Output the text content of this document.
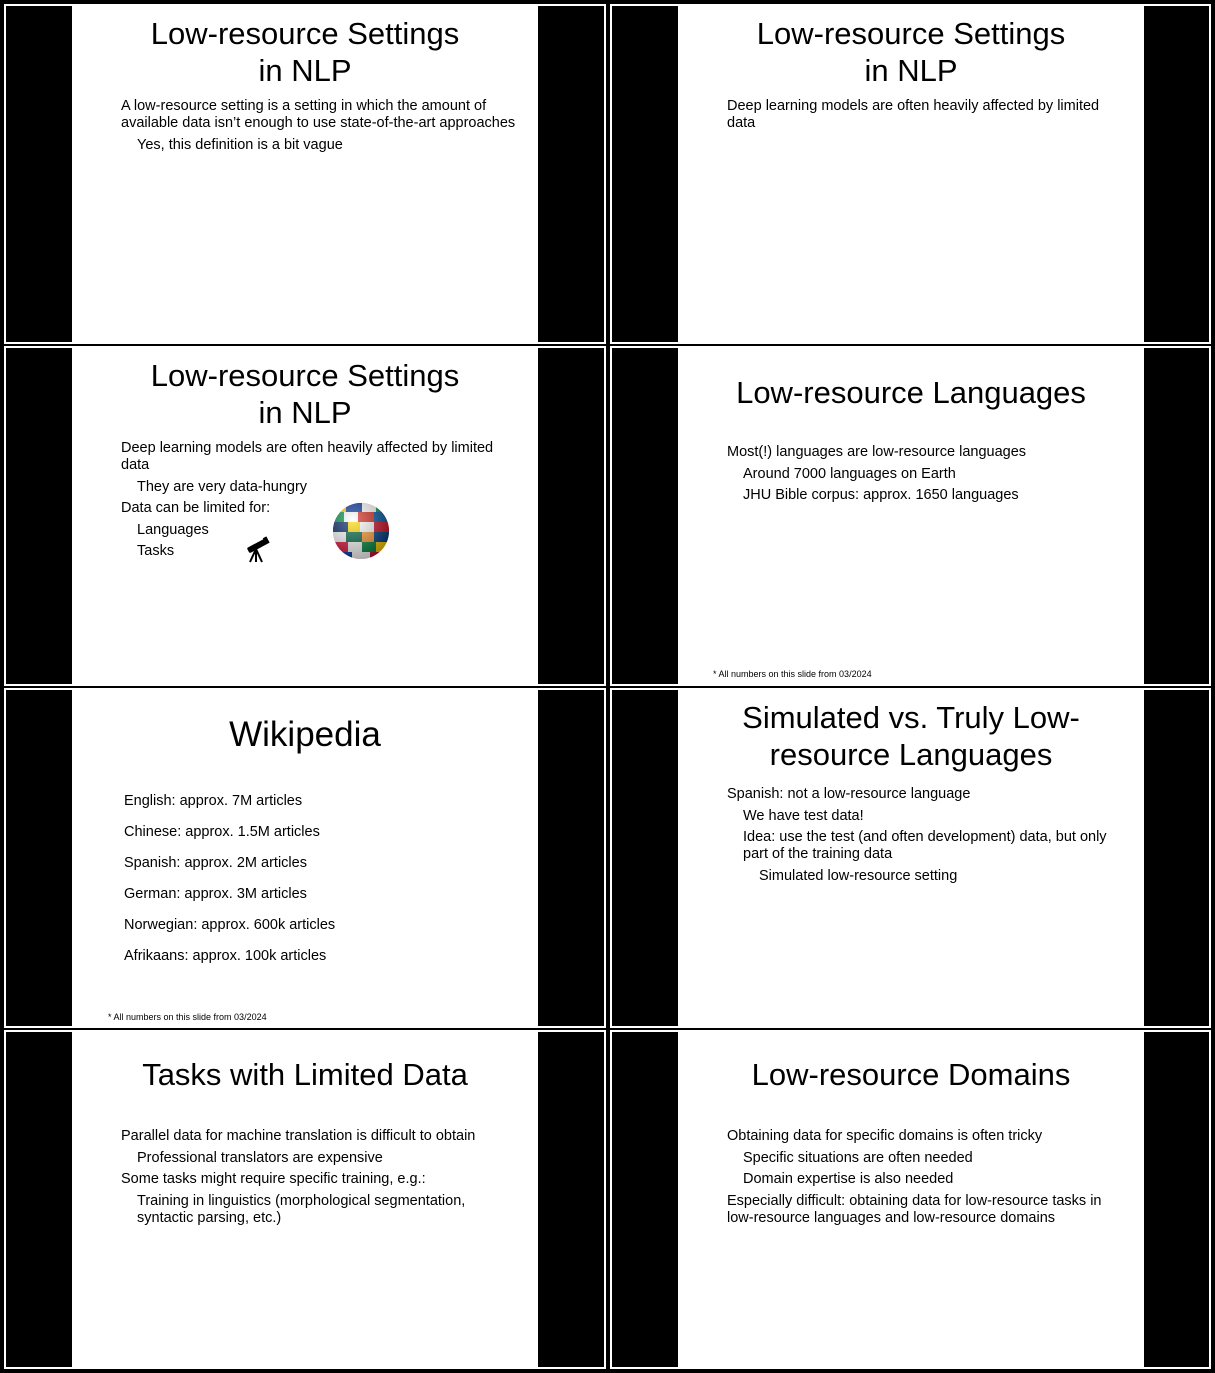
Low-resource Settings
in NLP
• A low-resource setting is a setting in which the amount of available data isn’t enough to use state-of-the-art approaches
• Yes, this definition is a bit vague
Low-resource Settings
in NLP
• Deep learning models are often heavily affected by limited data
Low-resource Settings
in NLP
• Deep learning models are often heavily affected by limited data
• They are very data-hungry
• Data can be limited for:
• Languages
• Tasks
Low-resource Languages
• Most(!) languages are low-resource languages
• Around 7000 languages on Earth
• JHU Bible corpus: approx. 1650 languages
* All numbers on this slide from 03/2024
Wikipedia
• English: approx. 7M articles
• Chinese: approx. 1.5M articles
• Spanish: approx. 2M articles
• German: approx. 3M articles
• Norwegian: approx. 600k articles
• Afrikaans: approx. 100k articles
* All numbers on this slide from 03/2024
Simulated vs. Truly Low-
resource Languages
• Spanish: not a low-resource language
• We have test data!
• Idea: use the test (and often development) data, but only part of the training data
• Simulated low-resource setting
Tasks with Limited Data
• Parallel data for machine translation is difficult to obtain
• Professional translators are expensive
• Some tasks might require specific training, e.g.:
• Training in linguistics (morphological segmentation, syntactic parsing, etc.)
Low-resource Domains
• Obtaining data for specific domains is often tricky
• Specific situations are often needed
• Domain expertise is also needed
• Especially difficult: obtaining data for low-resource tasks in low-resource languages and low-resource domains
